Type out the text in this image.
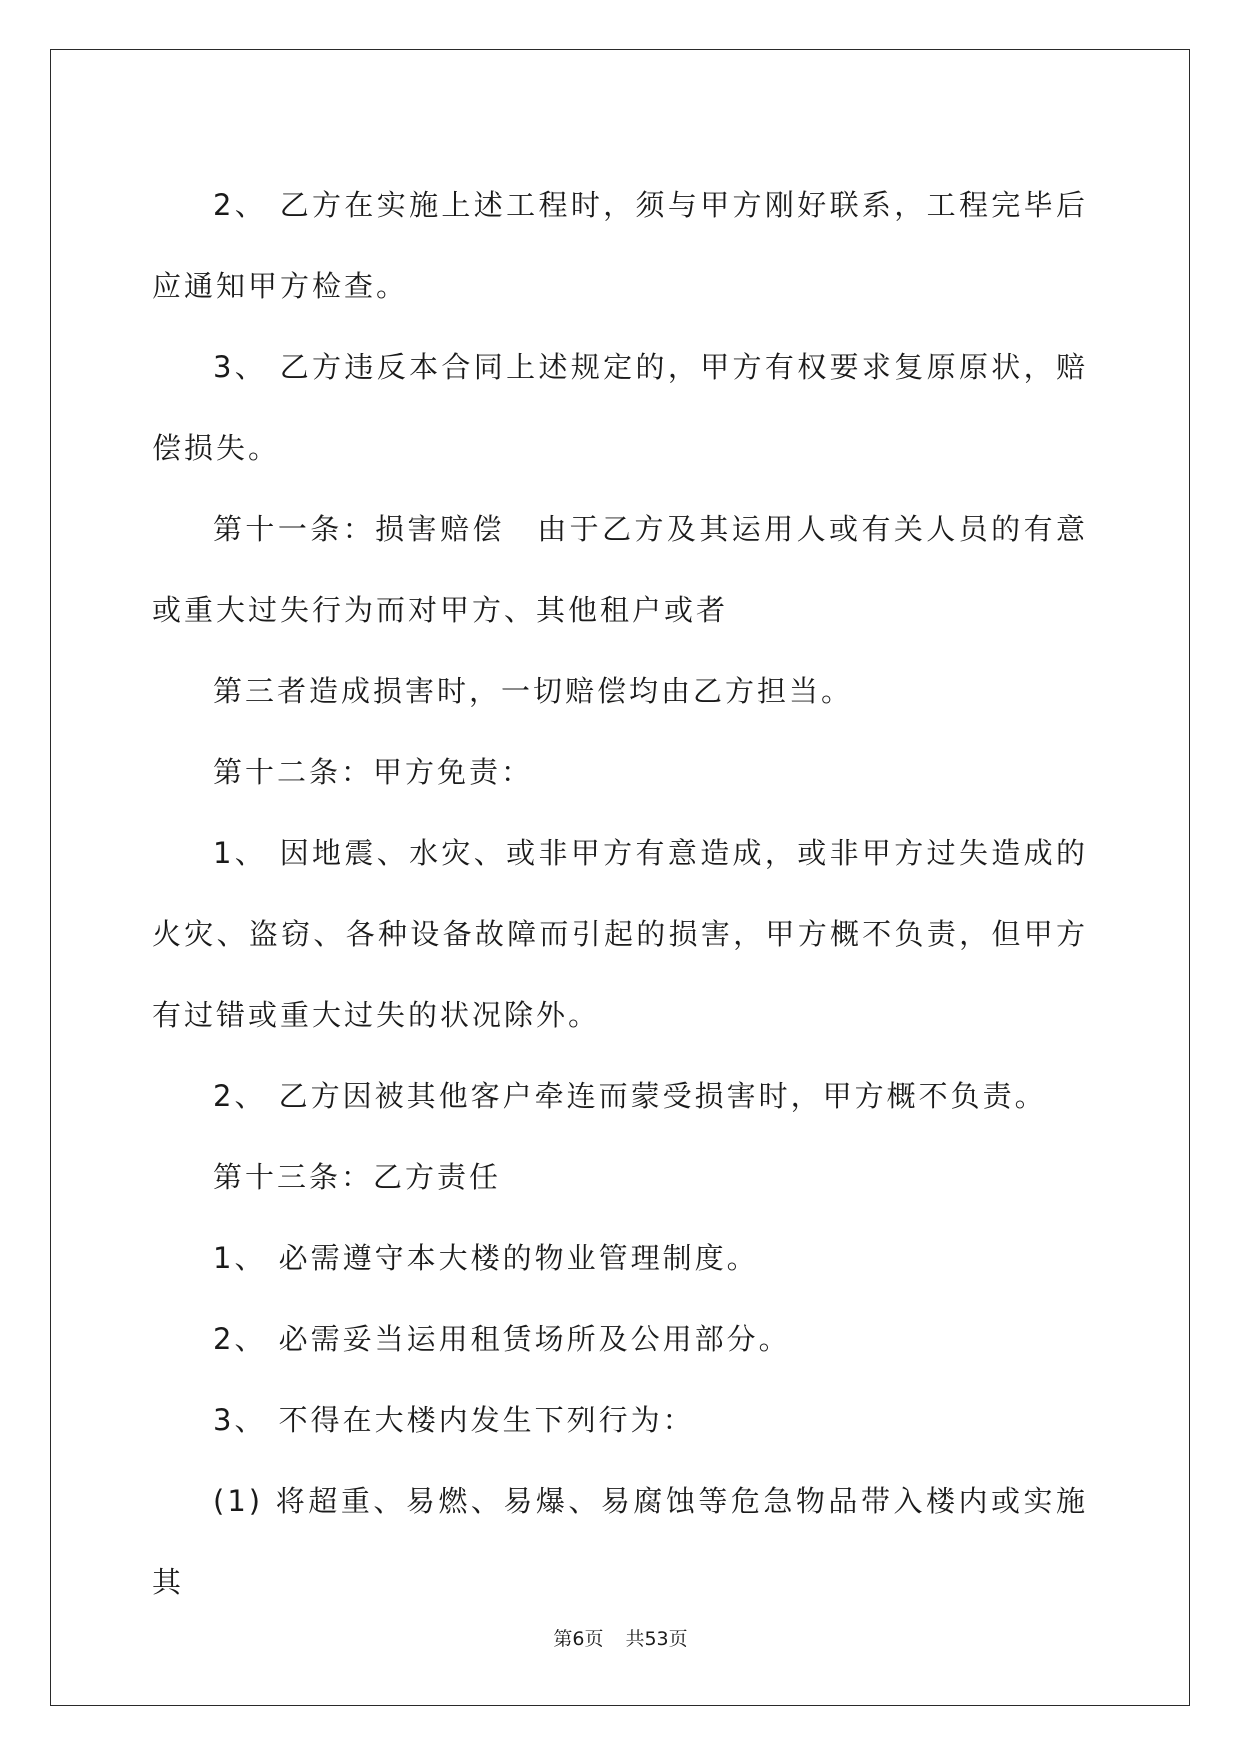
2、 乙方在实施上述工程时，须与甲方刚好联系，工程完毕后应通知甲方检查。

3、 乙方违反本合同上述规定的，甲方有权要求复原原状，赔偿损失。

第十一条：损害赔偿　由于乙方及其运用人或有关人员的有意或重大过失行为而对甲方、其他租户或者

第三者造成损害时，一切赔偿均由乙方担当。

第十二条：甲方免责：

1、 因地震、水灾、或非甲方有意造成，或非甲方过失造成的火灾、盗窃、各种设备故障而引起的损害，甲方概不负责，但甲方有过错或重大过失的状况除外。

2、 乙方因被其他客户牵连而蒙受损害时，甲方概不负责。

第十三条：乙方责任

1、 必需遵守本大楼的物业管理制度。

2、 必需妥当运用租赁场所及公用部分。

3、 不得在大楼内发生下列行为：

(1) 将超重、易燃、易爆、易腐蚀等危急物品带入楼内或实施其

第6页 共53页
